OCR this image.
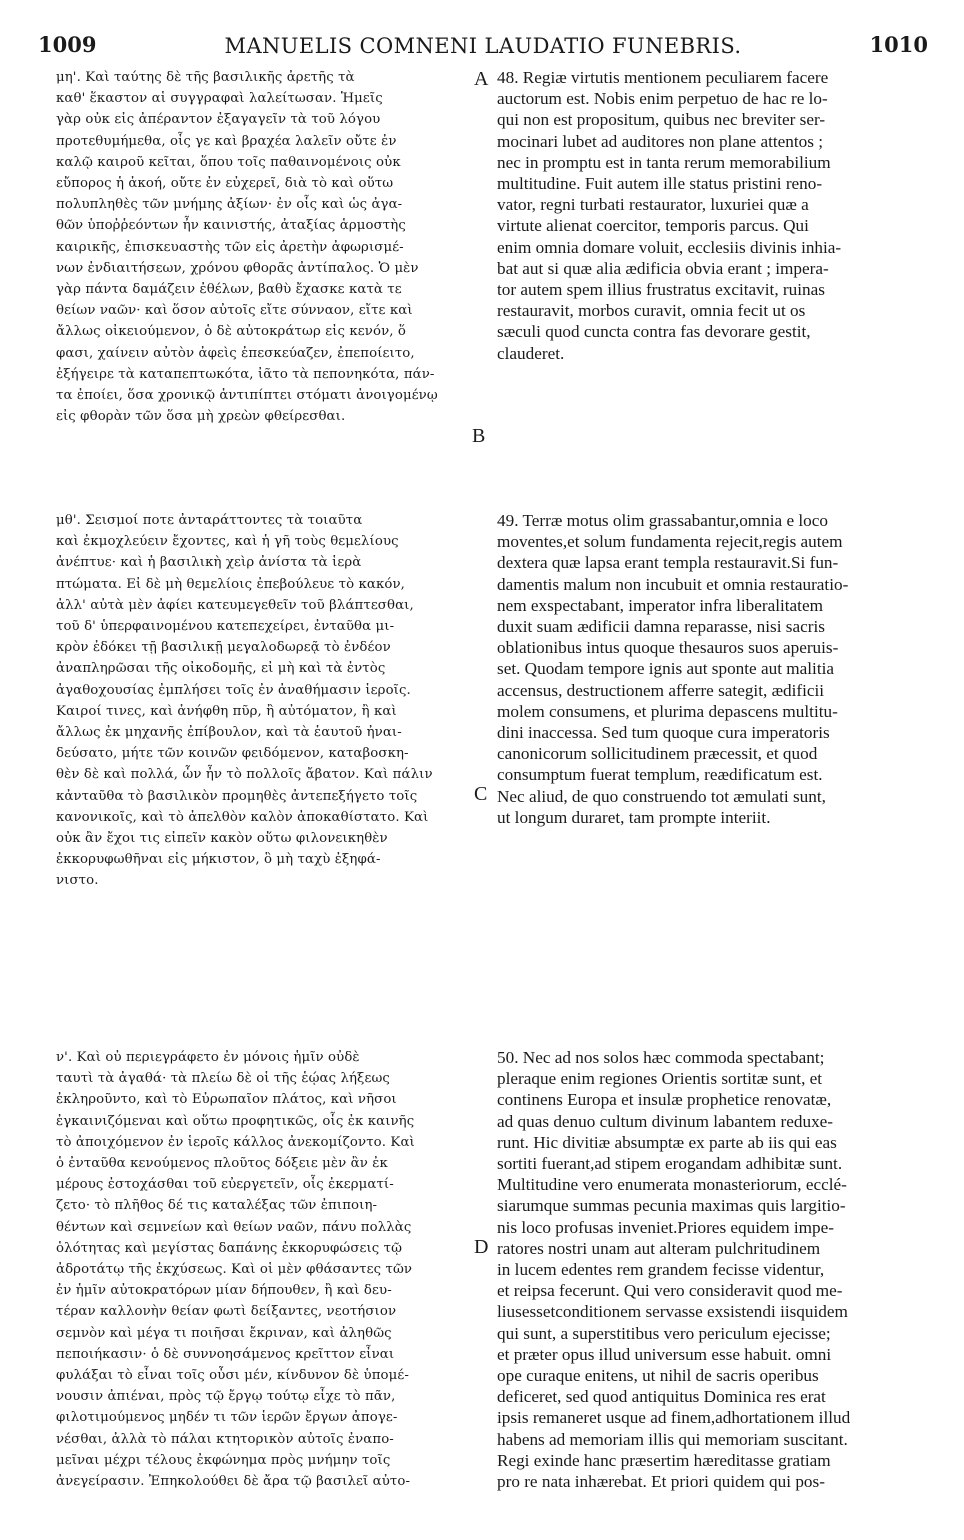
1009	MANUELIS COMNENI LAUDATIO FUNEBRIS.	1010
μη'. Καὶ ταύτης δὲ τῆς βασιλικῆς ἀρετῆς τὰ
καθ' ἕκαστον αἱ συγγραφαὶ λαλείτωσαν. Ἡμεῖς
γὰρ οὐκ εἰς ἀπέραντον ἐξαγαγεῖν τὰ τοῦ λόγου
προτεθυμήμεθα, οἷς γε καὶ βραχέα λαλεῖν οὔτε ἐν
καλῷ καιροῦ κεῖται, ὅπου τοῖς παθαινομένοις οὐκ
εὔπορος ἡ ἀκοή, οὔτε ἐν εὐχερεῖ, διὰ τὸ καὶ οὕτω
πολυπληθὲς τῶν μνήμης ἀξίων· ἐν οἷς καὶ ὡς ἀγα-
θῶν ὑποῤῥεόντων ἦν καινιστής, ἀταξίας ἁρμοστὴς
καιρικῆς, ἐπισκευαστὴς τῶν εἰς ἀρετὴν ἀφωρισμέ-
νων ἐνδιαιτήσεων, χρόνου φθορᾶς ἀντίπαλος. Ὁ μὲν
γὰρ πάντα δαμάζειν ἐθέλων, βαθὺ ἔχασκε κατὰ τε
θείων ναῶν· καὶ ὅσον αὐτοῖς εἴτε σύνναον, εἴτε καὶ
ἄλλως οἰκειούμενον, ὁ δὲ αὐτοκράτωρ εἰς κενόν, ὅ
φασι, χαίνειν αὐτὸν ἀφεὶς ἐπεσκεύαζεν, ἐπεποίειτο,
ἐξήγειρε τὰ καταπεπτωκότα, ἰᾶτο τὰ πεπονηκότα, πάν-
τα ἐποίει, ὅσα χρονικῷ ἀντιπίπτει στόματι ἀνοιγομένῳ
εἰς φθορὰν τῶν ὅσα μὴ χρεὼν φθείρεσθαι.
48. Regiæ virtutis mentionem peculiarem facere
auctorum est. Nobis enim perpetuo de hac re lo-
qui non est propositum, quibus nec breviter ser-
mocinari lubet ad auditores non plane attentos ;
nec in promptu est in tanta rerum memorabilium
multitudine. Fuit autem ille status pristini reno-
vator, regni turbati restaurator, luxuriei quæ a
virtute alienat coercitor, temporis parcus. Qui
enim omnia domare voluit, ecclesiis divinis inhia-
bat aut si quæ alia ædificia obvia erant ; impera-
tor autem spem illius frustratus excitavit, ruinas
restauravit, morbos curavit, omnia fecit ut os
sæculi quod cuncta contra fas devorare gestit,
clauderet.
A
B
μθ'. Σεισμοί ποτε ἀνταράττοντες τὰ τοιαῦτα
καὶ ἐκμοχλεύειν ἔχοντες, καὶ ἡ γῆ τοὺς θεμελίους
ἀνέπτυε· καὶ ἡ βασιλικὴ χεὶρ ἀνίστα τὰ ἱερὰ
πτώματα. Εἰ δὲ μὴ θεμελίοις ἐπεβούλευε τὸ κακόν,
ἀλλ' αὐτὰ μὲν ἀφίει κατευμεγεθεῖν τοῦ βλάπτεσθαι,
τοῦ δ' ὑπερφαινομένου κατεπεχείρει, ἐνταῦθα μι-
κρὸν ἐδόκει τῇ βασιλικῇ μεγαλοδωρεᾷ τὸ ἐνδέον
ἀναπληρῶσαι τῆς οἰκοδομῆς, εἰ μὴ καὶ τὰ ἐντὸς
ἀγαθοχουσίας ἐμπλήσει τοῖς ἐν ἀναθήμασιν ἱεροῖς.
Καιροί τινες, καὶ ἀνήφθη πῦρ, ἢ αὐτόματον, ἢ καὶ
ἄλλως ἐκ μηχανῆς ἐπίβουλον, καὶ τὰ ἑαυτοῦ ἠναι-
δεύσατο, μήτε τῶν κοινῶν φειδόμενον, καταβοσκη-
θὲν δὲ καὶ πολλά, ὧν ἦν τὸ πολλοῖς ἄβατον. Καὶ πάλιν
κἀνταῦθα τὸ βασιλικὸν προμηθὲς ἀντεπεξήγετο τοῖς
κανονικοῖς, καὶ τὸ ἀπελθὸν καλὸν ἀποκαθίστατο. Καὶ
οὐκ ἂν ἔχοι τις εἰπεῖν κακὸν οὕτω φιλονεικηθὲν
ἐκκορυφωθῆναι εἰς μήκιστον, ὃ μὴ ταχὺ ἐξηφά-
νιστο.
49. Terræ motus olim grassabantur,omnia e loco
moventes,et solum fundamenta rejecit,regis autem
dextera quæ lapsa erant templa restauravit.Si fun-
damentis malum non incubuit et omnia restauratio-
nem exspectabant, imperator infra liberalitatem
duxit suam ædificii damna reparasse, nisi sacris
oblationibus intus quoque thesauros suos aperuis-
set. Quodam tempore ignis aut sponte aut malitia
accensus, destructionem afferre sategit, ædificii
molem consumens, et plurima depascens multitu-
dini inaccessa. Sed tum quoque cura imperatoris
canonicorum sollicitudinem præcessit, et quod
consumptum fuerat templum, reædificatum est.
Nec aliud, de quo construendo tot æmulati sunt,
ut longum duraret, tam prompte interiit.
C
ν'. Καὶ οὐ περιεγράφετο ἐν μόνοις ἡμῖν οὐδὲ
ταυτὶ τὰ ἀγαθά· τὰ πλείω δὲ οἱ τῆς ἑῴας λήξεως
ἐκληροῦντο, καὶ τὸ Εὐρωπαῖον πλάτος, καὶ νῆσοι
ἐγκαινιζόμεναι καὶ οὕτω προφητικῶς, οἷς ἐκ καινῆς
τὸ ἀποιχόμενον ἐν ἱεροῖς κάλλος ἀνεκομίζοντο. Καὶ
ὁ ἐνταῦθα κενούμενος πλοῦτος δόξειε μὲν ἂν ἐκ
μέρους ἐστοχάσθαι τοῦ εὐεργετεῖν, οἷς ἐκερματί-
ζετο· τὸ πλῆθος δέ τις καταλέξας τῶν ἐπιποιη-
θέντων καὶ σεμνείων καὶ θείων ναῶν, πάνυ πολλὰς
ὁλότητας καὶ μεγίστας δαπάνης ἐκκορυφώσεις τῷ
ἀδροτάτῳ τῆς ἐκχύσεως. Καὶ οἱ μὲν φθάσαντες τῶν
ἐν ἡμῖν αὐτοκρατόρων μίαν δήπουθεν, ἢ καὶ δευ-
τέραν καλλονὴν θείαν φωτὶ δείξαντες, νεοτήσιον
σεμνὸν καὶ μέγα τι ποιῆσαι ἔκριναν, καὶ ἀληθῶς
πεποιήκασιν· ὁ δὲ συννοησάμενος κρεῖττον εἶναι
φυλάξαι τὸ εἶναι τοῖς οὖσι μέν, κίνδυνον δὲ ὑπομέ-
νουσιν ἀπιέναι, πρὸς τῷ ἔργῳ τούτῳ εἶχε τὸ πᾶν,
φιλοτιμούμενος μηδέν τι τῶν ἱερῶν ἔργων ἀπογε-
νέσθαι, ἀλλὰ τὸ πάλαι κτητορικὸν αὐτοῖς ἐναπο-
μεῖναι μέχρι τέλους ἐκφώνημα πρὸς μνήμην τοῖς
ἀνεγείρασιν. Ἐπηκολούθει δὲ ἄρα τῷ βασιλεῖ αὐτο-
50. Nec ad nos solos hæc commoda spectabant;
pleraque enim regiones Orientis sortitæ sunt, et
continens Europa et insulæ prophetice renovatæ,
ad quas denuo cultum divinum labantem reduxe-
runt. Hic divitiæ absumptæ ex parte ab iis qui eas
sortiti fuerant,ad stipem erogandam adhibitæ sunt.
Multitudine vero enumerata monasteriorum, ecclé-
siarumque summas pecunia maximas quis largitio-
nis loco profusas inveniet.Priores equidem impe-
ratores nostri unam aut alteram pulchritudinem
in lucem edentes rem grandem fecisse videntur,
et reipsa fecerunt. Qui vero consideravit quod me-
liusessetconditionem servasse exsistendi iisquidem
qui sunt, a superstitibus vero periculum ejecisse;
et præter opus illud universum esse habuit. omni
ope curaque enitens, ut nihil de sacris operibus
deficeret, sed quod antiquitus Dominica res erat
ipsis remaneret usque ad finem,adhortationem illud
habens ad memoriam illis qui memoriam suscitant.
Regi exinde hanc præsertim hæreditasse gratiam
pro re nata inhærebat. Et priori quidem qui pos-
D
